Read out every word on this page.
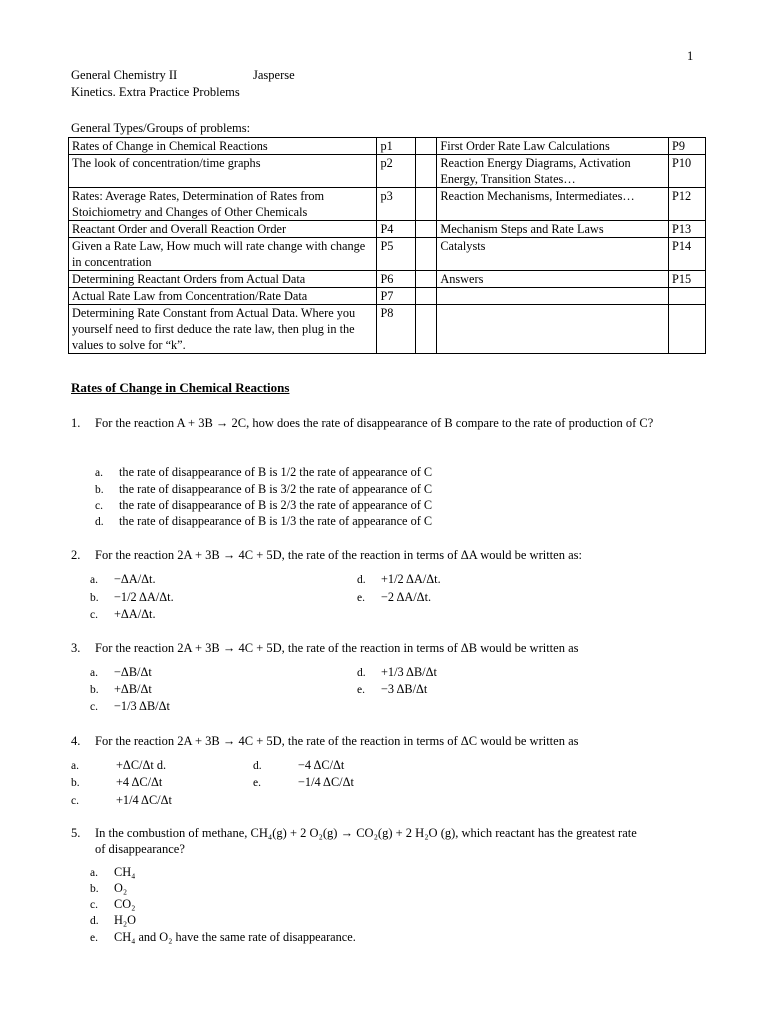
1
General Chemistry II	Jasperse
Kinetics. Extra Practice Problems
General Types/Groups of problems:
Rates of Change in Chemical Reactions	p1		First Order Rate Law Calculations	P9
The look of concentration/time graphs	p2		Reaction Energy Diagrams, Activation Energy, Transition States…	P10
Rates: Average Rates, Determination of Rates from Stoichiometry and Changes of Other Chemicals	p3		Reaction Mechanisms, Intermediates…	P12
Reactant Order and Overall Reaction Order	P4		Mechanism Steps and Rate Laws	P13
Given a Rate Law, How much will rate change with change in concentration	P5		Catalysts	P14
Determining Reactant Orders from Actual Data	P6		Answers	P15
Actual Rate Law from Concentration/Rate Data	P7			
Determining Rate Constant from Actual Data. Where you yourself need to first deduce the rate law, then plug in the values to solve for “k”.	P8			
Rates of Change in Chemical Reactions
1. For the reaction A + 3B → 2C, how does the rate of disappearance of B compare to the rate of production of C?
a. the rate of disappearance of B is 1/2 the rate of appearance of C
b. the rate of disappearance of B is 3/2 the rate of appearance of C
c. the rate of disappearance of B is 2/3 the rate of appearance of C
d. the rate of disappearance of B is 1/3 the rate of appearance of C
2. For the reaction 2A + 3B → 4C + 5D, the rate of the reaction in terms of ΔA would be written as:
a. −ΔA/Δt.
b. −1/2 ΔA/Δt.
c. +ΔA/Δt.
d. +1/2 ΔA/Δt.
e. −2 ΔA/Δt.
3. For the reaction 2A + 3B → 4C + 5D, the rate of the reaction in terms of ΔB would be written as
a. −ΔB/Δt
b. +ΔB/Δt
c. −1/3 ΔB/Δt
d. +1/3 ΔB/Δt
e. −3 ΔB/Δt
4. For the reaction 2A + 3B → 4C + 5D, the rate of the reaction in terms of ΔC would be written as
a.	+ΔC/Δt d.
b.	+4 ΔC/Δt
c.	+1/4 ΔC/Δt
d.	−4 ΔC/Δt
e.	−1/4 ΔC/Δt
5. In the combustion of methane, CH₄(g) + 2 O₂(g) → CO₂(g) + 2 H₂O (g), which reactant has the greatest rate
of disappearance?
a. CH₄
b. O₂
c. CO₂
d. H₂O
e. CH₄ and O₂ have the same rate of disappearance.
